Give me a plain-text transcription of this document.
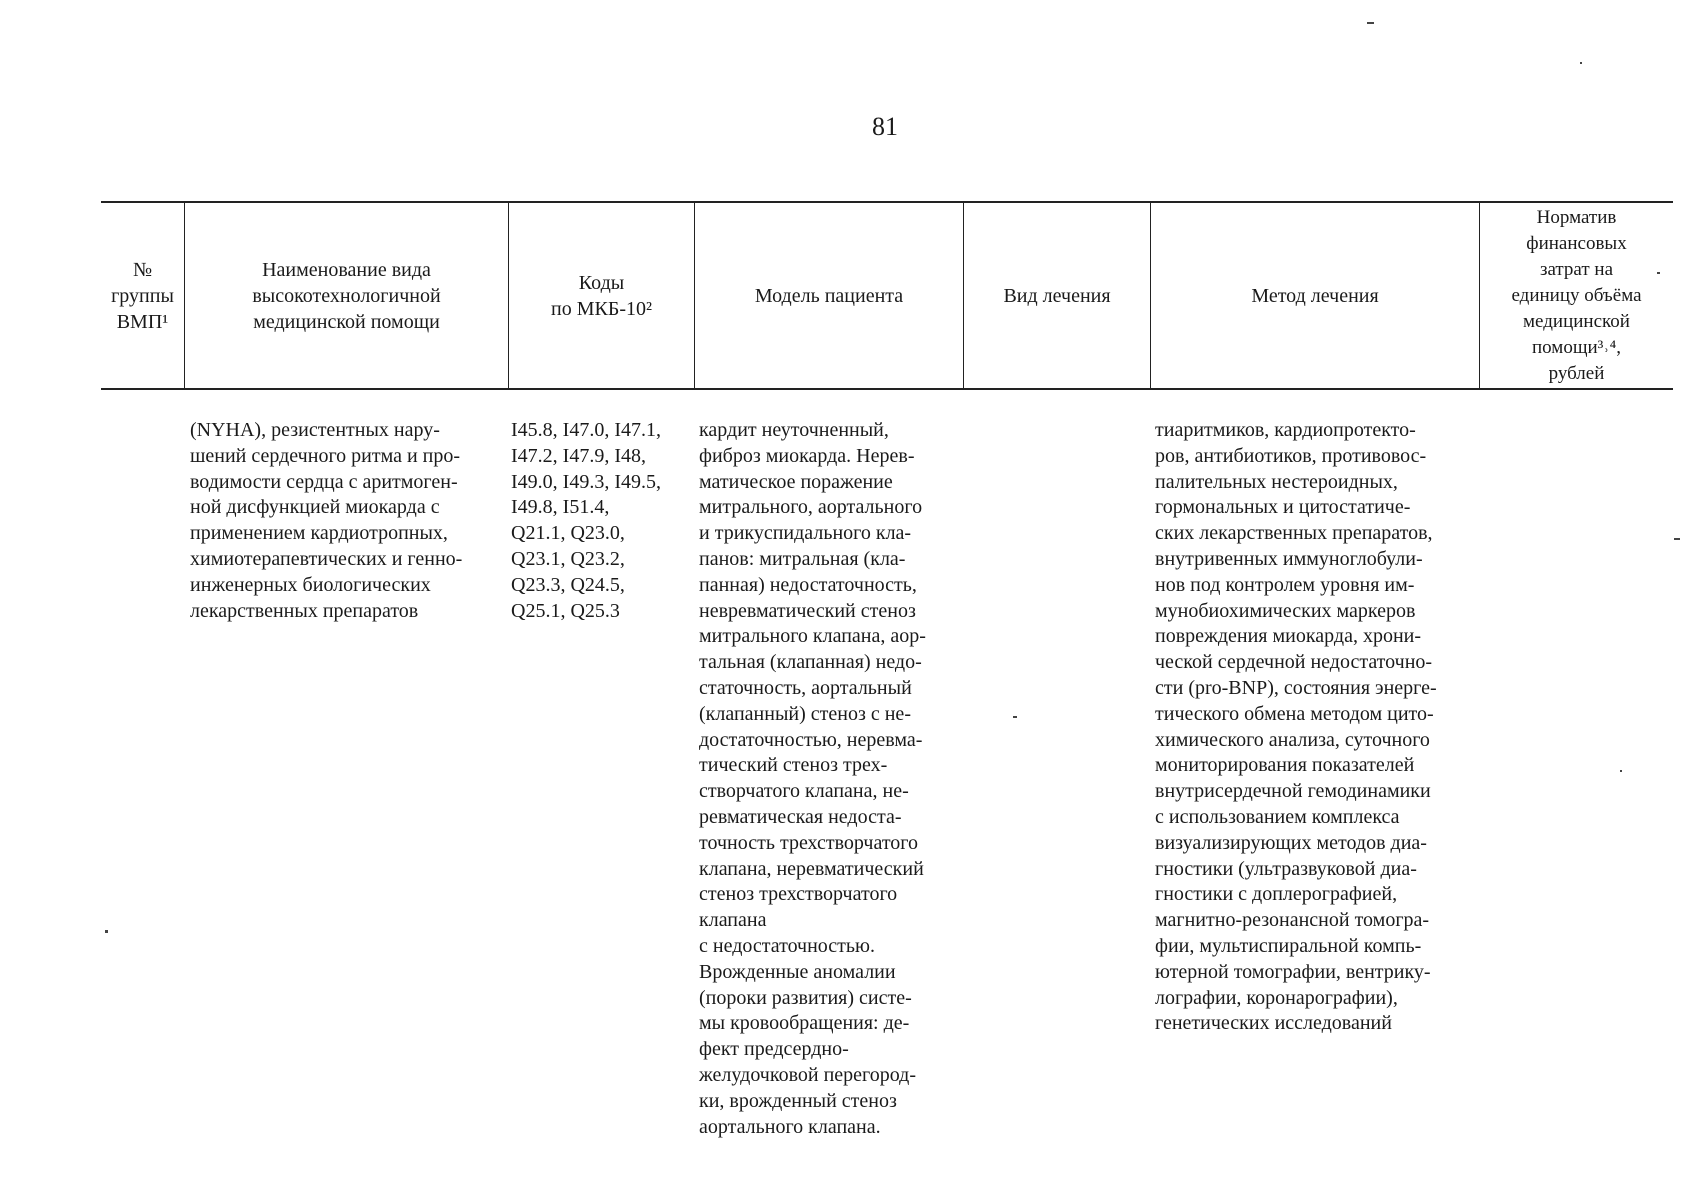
81
№
группы
ВМП¹
Наименование вида
высокотехнологичной
медицинской помощи
Коды
по МКБ-10²
Модель пациента	Вид лечения	Метод лечения
Норматив
финансовых
затрат на
единицу объёма
медицинской
помощи³˒⁴,
рублей
(NYHA), резистентных нару-
шений сердечного ритма и про-
водимости сердца с аритмоген-
ной дисфункцией миокарда с
применением кардиотропных,
химиотерапевтических и генно-
инженерных биологических
лекарственных препаратов
I45.8, I47.0, I47.1,
I47.2, I47.9, I48,
I49.0, I49.3, I49.5,
I49.8, I51.4,
Q21.1, Q23.0,
Q23.1, Q23.2,
Q23.3, Q24.5,
Q25.1, Q25.3
кардит неуточненный,
фиброз миокарда. Нерев-
матическое поражение
митрального, аортального
и трикуспидального кла-
панов: митральная (кла-
панная) недостаточность,
невревматический стеноз
митрального клапана, аор-
тальная (клапанная) недо-
статочность, аортальный
(клапанный) стеноз с не-
достаточностью, неревма-
тический стеноз трех-
створчатого клапана, не-
ревматическая недоста-
точность трехстворчатого
клапана, неревматический
стеноз трехстворчатого
клапана
с недостаточностью.
Врожденные аномалии
(пороки развития) систе-
мы кровообращения: де-
фект предсердно-
желудочковой перегород-
ки, врожденный стеноз
аортального клапана.
тиаритмиков, кардиопротекто-
ров, антибиотиков, противовос-
палительных нестероидных,
гормональных и цитостатиче-
ских лекарственных препаратов,
внутривенных иммуноглобули-
нов под контролем уровня им-
мунобиохимических маркеров
повреждения миокарда, хрони-
ческой сердечной недостаточно-
сти (pro-BNP), состояния энерге-
тического обмена методом цито-
химического анализа, суточного
мониторирования показателей
внутрисердечной гемодинамики
с использованием комплекса
визуализирующих методов диа-
гностики (ультразвуковой диа-
гностики с доплерографией,
магнитно-резонансной томогра-
фии, мультиспиральной компь-
ютерной томографии, вентрику-
лографии, коронарографии),
генетических исследований
